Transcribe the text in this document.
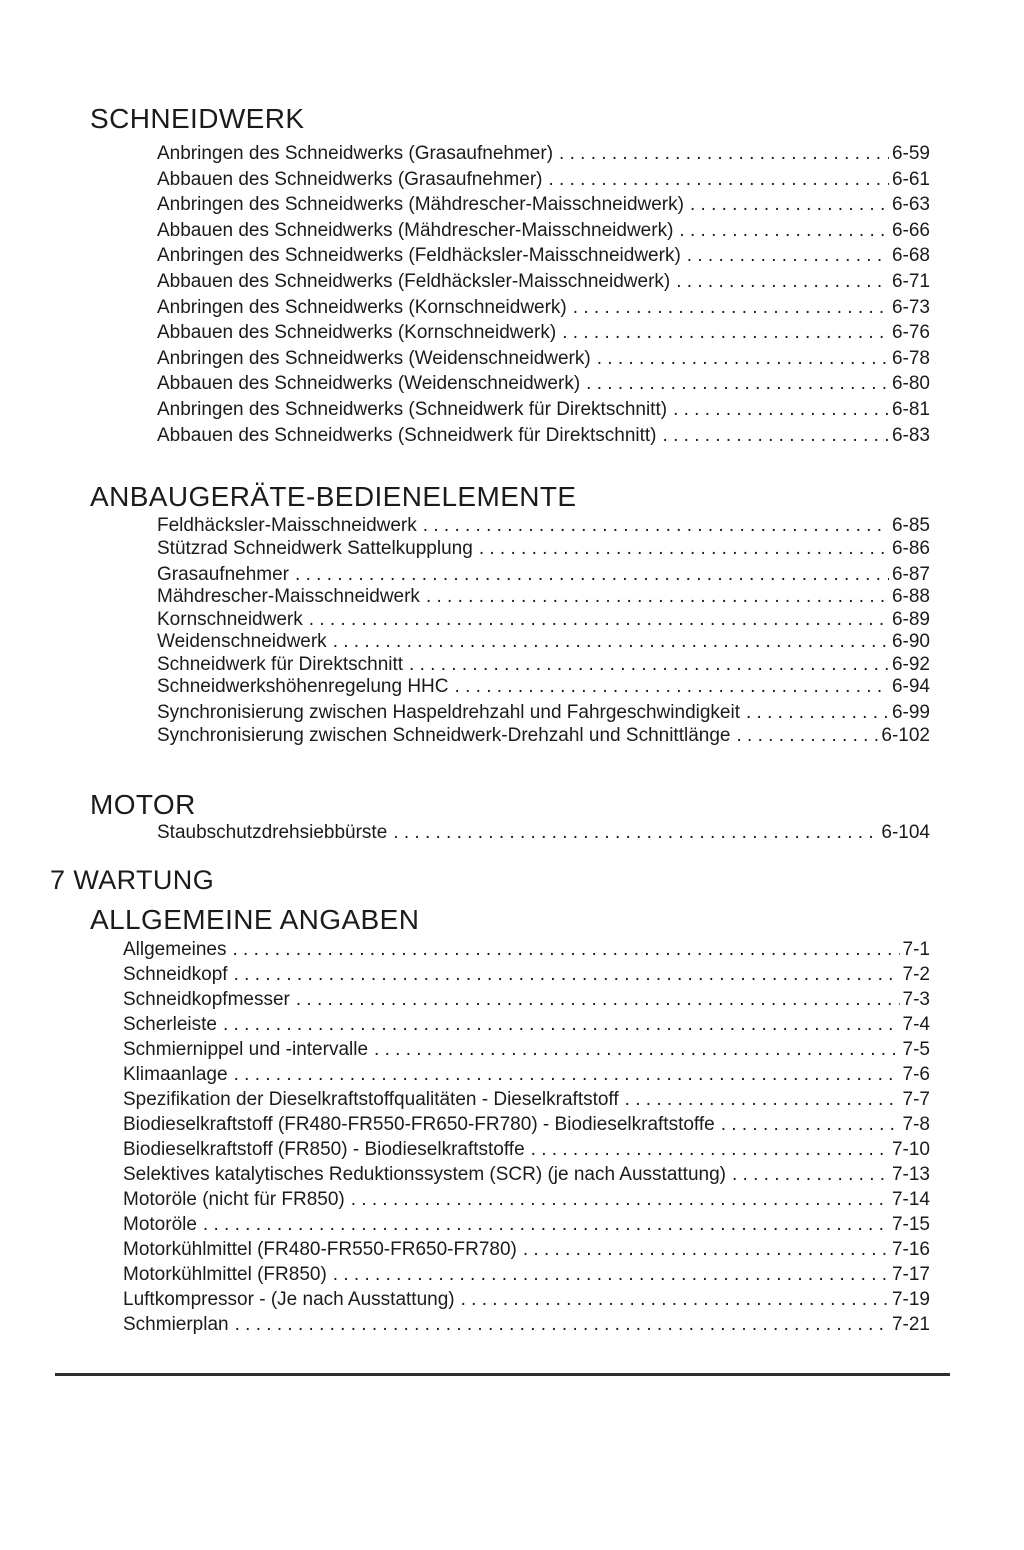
SCHNEIDWERK
Anbringen des Schneidwerks (Grasaufnehmer) . . .	6-59
Abbauen des Schneidwerks (Grasaufnehmer) . . .	6-61
Anbringen des Schneidwerks (Mähdrescher-Maisschneidwerk) . . .	6-63
Abbauen des Schneidwerks (Mähdrescher-Maisschneidwerk) . . .	6-66
Anbringen des Schneidwerks (Feldhäcksler-Maisschneidwerk) . . .	6-68
Abbauen des Schneidwerks (Feldhäcksler-Maisschneidwerk) . . .	6-71
Anbringen des Schneidwerks (Kornschneidwerk) . . .	6-73
Abbauen des Schneidwerks (Kornschneidwerk) . . .	6-76
Anbringen des Schneidwerks (Weidenschneidwerk) . . .	6-78
Abbauen des Schneidwerks (Weidenschneidwerk) . . .	6-80
Anbringen des Schneidwerks (Schneidwerk für Direktschnitt) . . .	6-81
Abbauen des Schneidwerks (Schneidwerk für Direktschnitt) . . .	6-83
ANBAUGERÄTE-BEDIENELEMENTE
Feldhäcksler-Maisschneidwerk . . .	6-85
Stützrad Schneidwerk Sattelkupplung . . .	6-86
Grasaufnehmer . . .	6-87
Mähdrescher-Maisschneidwerk . . .	6-88
Kornschneidwerk . . .	6-89
Weidenschneidwerk . . .	6-90
Schneidwerk für Direktschnitt . . .	6-92
Schneidwerkshöhenregelung HHC . . .	6-94
Synchronisierung zwischen Haspeldrehzahl und Fahrgeschwindigkeit . . .	6-99
Synchronisierung zwischen Schneidwerk-Drehzahl und Schnittlänge . . .	6-102
MOTOR
Staubschutzdrehsiebbürste . . .	6-104
7 WARTUNG
ALLGEMEINE ANGABEN
Allgemeines . . .	7-1
Schneidkopf . . .	7-2
Schneidkopfmesser . . .	7-3
Scherleiste . . .	7-4
Schmiernippel und -intervalle . . .	7-5
Klimaanlage . . .	7-6
Spezifikation der Dieselkraftstoffqualitäten - Dieselkraftstoff . . .	7-7
Biodieselkraftstoff (FR480-FR550-FR650-FR780) - Biodieselkraftstoffe . . .	7-8
Biodieselkraftstoff (FR850) - Biodieselkraftstoffe . . .	7-10
Selektives katalytisches Reduktionssystem (SCR) (je nach Ausstattung) . . .	7-13
Motoröle (nicht für FR850) . . .	7-14
Motoröle . . .	7-15
Motorkühlmittel (FR480-FR550-FR650-FR780) . . .	7-16
Motorkühlmittel (FR850) . . .	7-17
Luftkompressor - (Je nach Ausstattung) . . .	7-19
Schmierplan . . .	7-21
